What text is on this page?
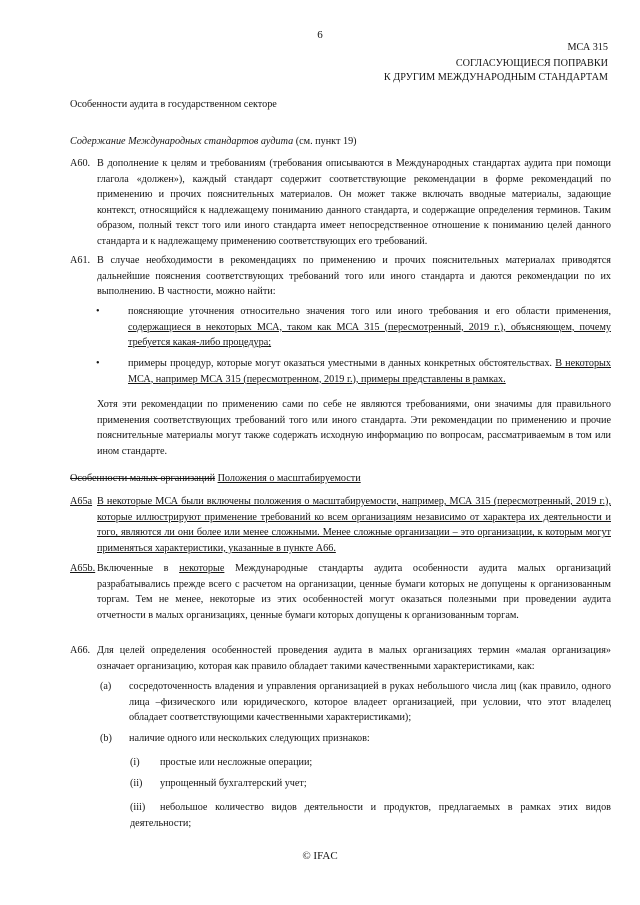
6
МСА 315
СОГЛАСУЮЩИЕСЯ ПОПРАВКИ
К ДРУГИМ МЕЖДУНАРОДНЫМ СТАНДАРТАМ
Особенности аудита в государственном секторе
Содержание Международных стандартов аудита (см. пункт 19)
А60. В дополнение к целям и требованиям (требования описываются в Международных стандартах аудита при помощи глагола «должен»), каждый стандарт содержит соответствующие рекомендации в форме рекомендаций по применению и прочих пояснительных материалов. Он может также включать вводные материалы, задающие контекст, относящийся к надлежащему пониманию данного стандарта, и содержащие определения терминов. Таким образом, полный текст того или иного стандарта имеет непосредственное отношение к пониманию целей данного стандарта и к надлежащему применению соответствующих его требований.
А61. В случае необходимости в рекомендациях по применению и прочих пояснительных материалах приводятся дальнейшие пояснения соответствующих требований того или иного стандарта и даются рекомендации по их выполнению. В частности, можно найти:
•	поясняющие уточнения относительно значения того или иного требования и его области применения, содержащиеся в некоторых МСА, таком как МСА 315 (пересмотренный, 2019 г.), объясняющем, почему требуется какая-либо процедура;
•	примеры процедур, которые могут оказаться уместными в данных конкретных обстоятельствах. В некоторых МСА, например МСА 315 (пересмотренном, 2019 г.), примеры представлены в рамках.
Хотя эти рекомендации по применению сами по себе не являются требованиями, они значимы для правильного применения соответствующих требований того или иного стандарта. Эти рекомендации по применению и прочие пояснительные материалы могут также содержать исходную информацию по вопросам, рассматриваемым в том или ином стандарте.
Особенности малых организаций Положения о масштабируемости
А65а В некоторые МСА были включены положения о масштабируемости, например, МСА 315 (пересмотренный, 2019 г.), которые иллюстрируют применение требований ко всем организациям независимо от характера их деятельности и того, являются ли они более или менее сложными. Менее сложные организации – это организации, к которым могут применяться характеристики, указанные в пункте А66.
А65b. Включенные в некоторые Международные стандарты аудита особенности аудита малых организаций разрабатывались прежде всего с расчетом на организации, ценные бумаги которых не допущены к организованным торгам. Тем не менее, некоторые из этих особенностей могут оказаться полезными при проведении аудита отчетности в малых организациях, ценные бумаги которых допущены к организованным торгам.
А66. Для целей определения особенностей проведения аудита в малых организациях термин «малая организация» означает организацию, которая как правило обладает такими качественными характеристиками, как:
(а) сосредоточенность владения и управления организацией в руках небольшого числа лиц (как правило, одного лица –физического или юридического, которое владеет организацией, при условии, что этот владелец обладает соответствующими качественными характеристиками);
(b) наличие одного или нескольких следующих признаков:
(i) простые или несложные операции;
(ii) упрощенный бухгалтерский учет;
(iii)	небольшое количество видов деятельности и продуктов, предлагаемых в рамках этих видов деятельности;
© IFAC
